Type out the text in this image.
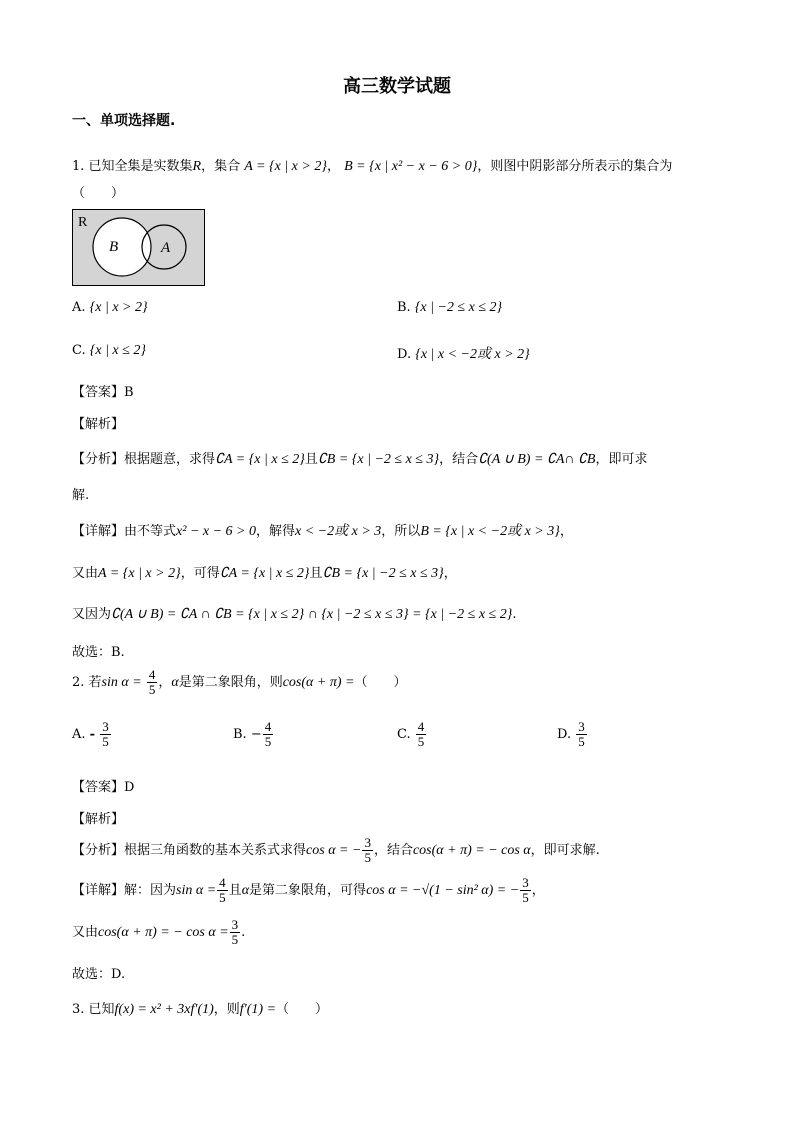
高三数学试题
一、单项选择题.
1. 已知全集是实数集R，集合 A = {x | x > 2}， B = {x | x² − x − 6 > 0}，则图中阴影部分所表示的集合为
（　　）
R
B	A
A. {x | x > 2}	B. {x | −2 ≤ x ≤ 2}
C. {x | x ≤ 2}	D. {x | x < −2或 x > 2}
【答案】B
【解析】
【分析】根据题意，求得∁A = {x | x ≤ 2}且∁B = {x | −2 ≤ x ≤ 3}，结合∁(A ∪ B) = ∁A∩ ∁B，即可求
解.
【详解】由不等式x² − x − 6 > 0，解得x < −2或 x > 3，所以B = {x | x < −2或 x > 3}，
又由A = {x | x > 2}，可得∁A = {x | x ≤ 2}且∁B = {x | −2 ≤ x ≤ 3}，
又因为∁(A ∪ B) = ∁A ∩ ∁B = {x | x ≤ 2} ∩ {x | −2 ≤ x ≤ 3} = {x | −2 ≤ x ≤ 2}.
故选：B.
2. 若$\sin \alpha = \frac{4}{5}$ ，α是第二象限角，则cos(α + π) =（　　）
A. - $\frac{3}{5}$	B. − $\frac{4}{5}$	C. $\frac{4}{5}$	D. $\frac{3}{5}$
【答案】D
【解析】
【分析】根据三角函数的基本关系式求得cos α = − $\frac{3}{5}$ ，结合cos(α + π) = − cos α，即可求解.
【详解】解：因为$\sin \alpha = \frac{4}{5}$ 且α是第二象限角，可得cos α = −√(1 − sin² α) = − $\frac{3}{5}$ ，
又由cos(α + π) = − $\cos \alpha = \frac{3}{5}$ .
故选：D.
3. 已知f(x) = x² + 3xf′(1)，则f′(1) =（　　）
